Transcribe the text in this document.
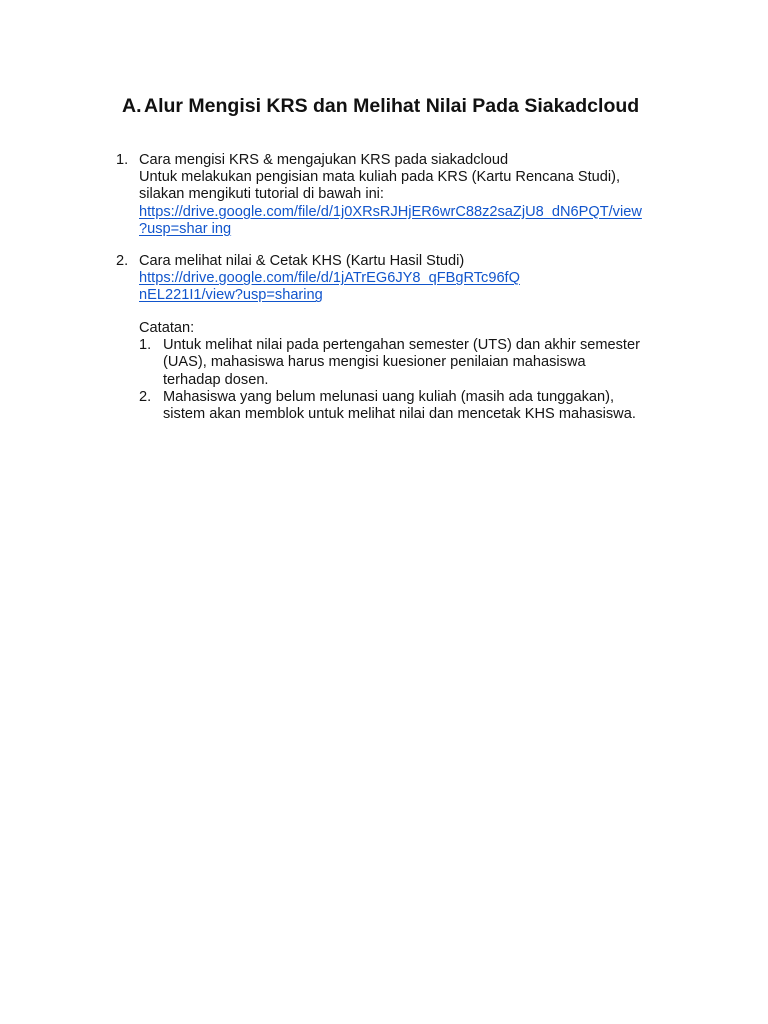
A. Alur Mengisi KRS dan Melihat Nilai Pada Siakadcloud
1. Cara mengisi KRS & mengajukan KRS pada siakadcloud
Untuk melakukan pengisian mata kuliah pada KRS (Kartu Rencana Studi),
silakan mengikuti tutorial di bawah ini:
https://drive.google.com/file/d/1j0XRsRJHjER6wrC88z2saZjU8_dN6PQT/view
?usp=shar ing
2. Cara melihat nilai & Cetak KHS (Kartu Hasil Studi)
https://drive.google.com/file/d/1jATrEG6JY8_qFBgRTc96fQ
nEL221I1/view?usp=sharing
Catatan:
1. Untuk melihat nilai pada pertengahan semester (UTS) dan akhir semester
(UAS), mahasiswa harus mengisi kuesioner penilaian mahasiswa
terhadap dosen.
2. Mahasiswa yang belum melunasi uang kuliah (masih ada tunggakan),
sistem akan memblok untuk melihat nilai dan mencetak KHS mahasiswa.
